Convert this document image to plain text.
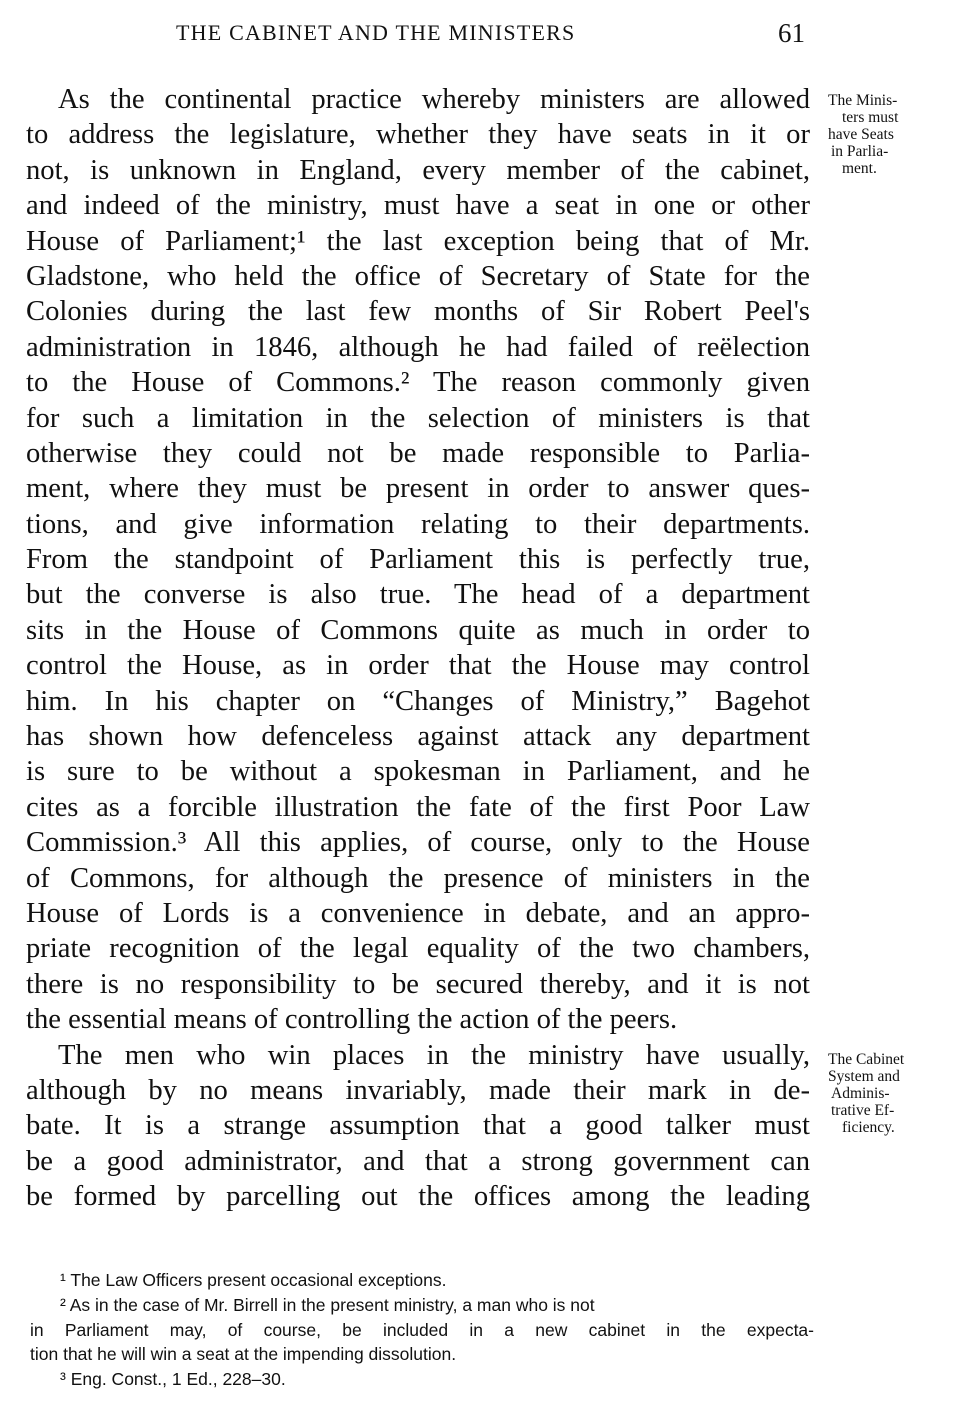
THE CABINET AND THE MINISTERS	61
As the continental practice whereby ministers are allowed
to address the legislature, whether they have seats in it or
not, is unknown in England, every member of the cabinet,
and indeed of the ministry, must have a seat in one or other
House of Parliament;¹ the last exception being that of Mr.
Gladstone, who held the office of Secretary of State for the
Colonies during the last few months of Sir Robert Peel's
administration in 1846, although he had failed of reëlection
to the House of Commons.² The reason commonly given
for such a limitation in the selection of ministers is that
otherwise they could not be made responsible to Parlia-
ment, where they must be present in order to answer ques-
tions, and give information relating to their departments.
From the standpoint of Parliament this is perfectly true,
but the converse is also true. The head of a department
sits in the House of Commons quite as much in order to
control the House, as in order that the House may control
him. In his chapter on “Changes of Ministry,” Bagehot
has shown how defenceless against attack any department
is sure to be without a spokesman in Parliament, and he
cites as a forcible illustration the fate of the first Poor Law
Commission.³ All this applies, of course, only to the House
of Commons, for although the presence of ministers in the
House of Lords is a convenience in debate, and an appro-
priate recognition of the legal equality of the two chambers,
there is no responsibility to be secured thereby, and it is not
the essential means of controlling the action of the peers.
The men who win places in the ministry have usually,
although by no means invariably, made their mark in de-
bate. It is a strange assumption that a good talker must
be a good administrator, and that a strong government can
be formed by parcelling out the offices among the leading
The Minis-
ters must
have Seats
in Parlia-
ment.
The Cabinet
System and
Adminis-
trative Ef-
ficiency.
¹ The Law Officers present occasional exceptions.
² As in the case of Mr. Birrell in the present ministry, a man who is not
in Parliament may, of course, be included in a new cabinet in the expecta-
tion that he will win a seat at the impending dissolution.
³ Eng. Const., 1 Ed., 228–30.
